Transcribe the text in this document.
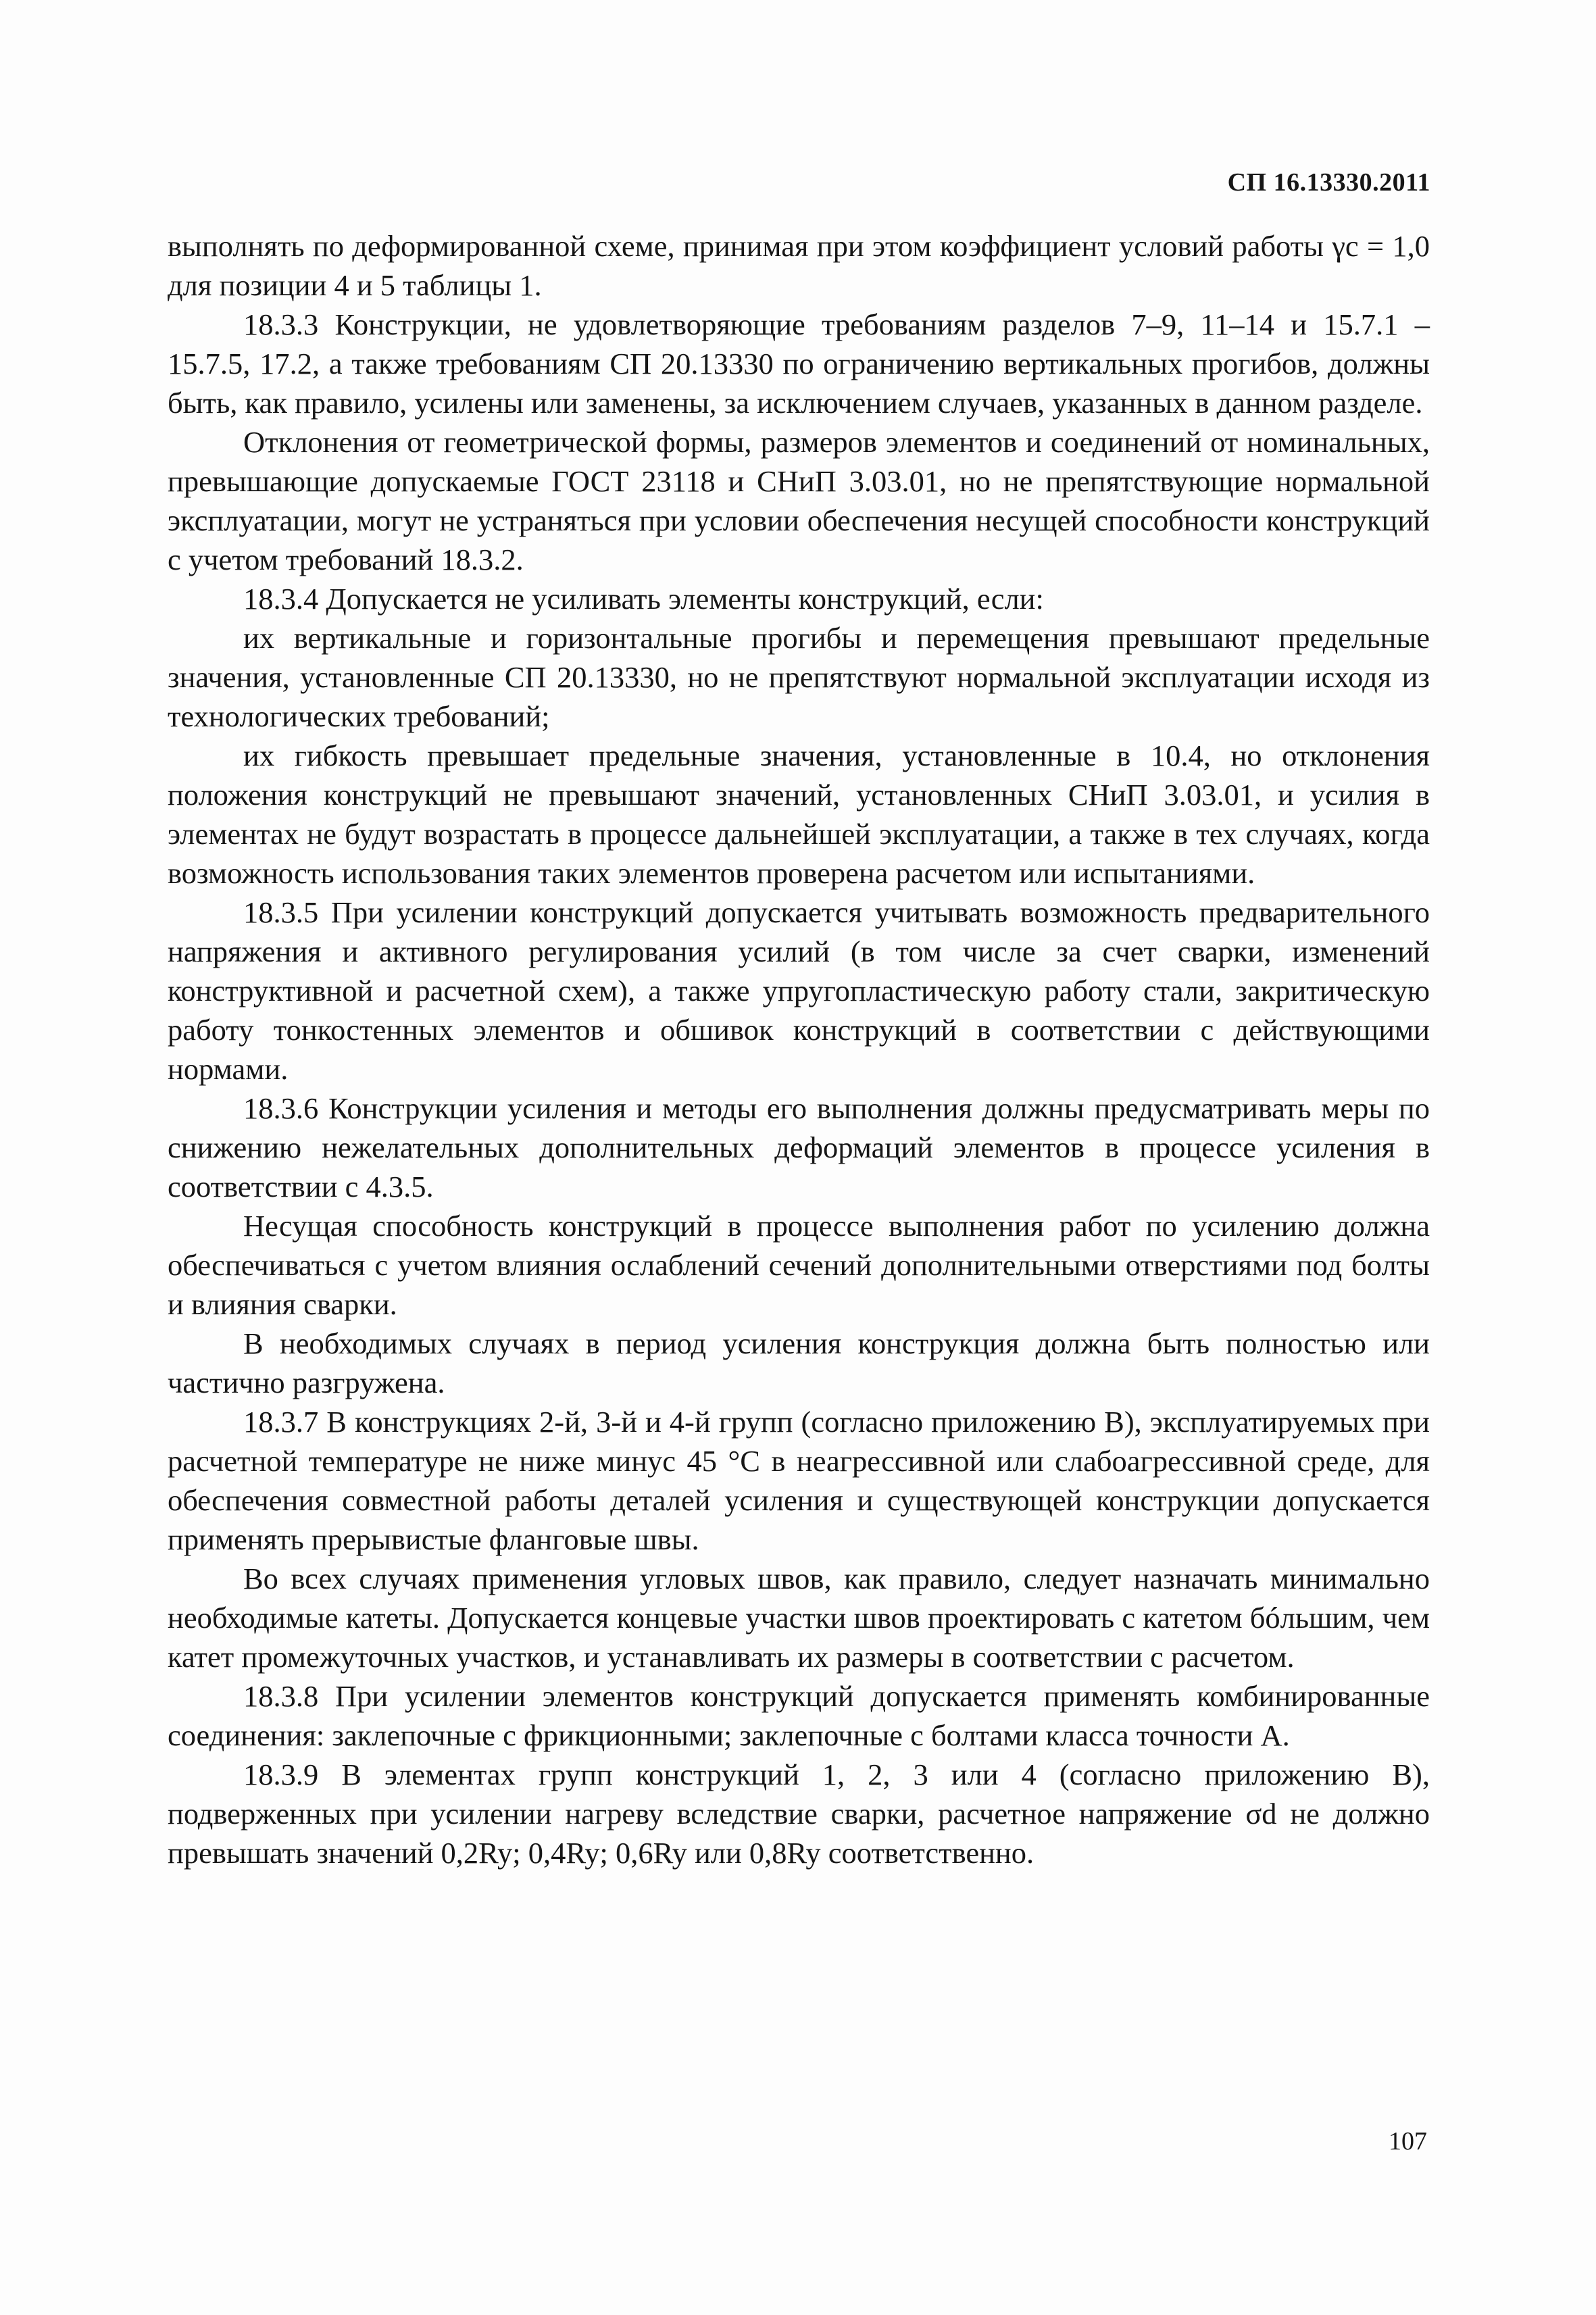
СП 16.13330.2011

выполнять по деформированной схеме, принимая при этом коэффициент условий работы γc = 1,0 для позиции 4 и 5 таблицы 1.

18.3.3 Конструкции, не удовлетворяющие требованиям разделов 7–9, 11–14 и 15.7.1 – 15.7.5, 17.2, а также требованиям СП 20.13330 по ограничению вертикальных прогибов, должны быть, как правило, усилены или заменены, за исключением случаев, указанных в данном разделе.

Отклонения от геометрической формы, размеров элементов и соединений от номинальных, превышающие допускаемые ГОСТ 23118 и СНиП 3.03.01, но не препятствующие нормальной эксплуатации, могут не устраняться при условии обеспечения несущей способности конструкций с учетом требований 18.3.2.

18.3.4 Допускается не усиливать элементы конструкций, если:

их вертикальные и горизонтальные прогибы и перемещения превышают предельные значения, установленные СП 20.13330, но не препятствуют нормальной эксплуатации исходя из технологических требований;

их гибкость превышает предельные значения, установленные в 10.4, но отклонения положения конструкций не превышают значений, установленных СНиП 3.03.01, и усилия в элементах не будут возрастать в процессе дальнейшей эксплуатации, а также в тех случаях, когда возможность использования таких элементов проверена расчетом или испытаниями.

18.3.5 При усилении конструкций допускается учитывать возможность предварительного напряжения и активного регулирования усилий (в том числе за счет сварки, изменений конструктивной и расчетной схем), а также упругопластическую работу стали, закритическую работу тонкостенных элементов и обшивок конструкций в соответствии с действующими нормами.

18.3.6 Конструкции усиления и методы его выполнения должны предусматривать меры по снижению нежелательных дополнительных деформаций элементов в процессе усиления в соответствии с 4.3.5.

Несущая способность конструкций в процессе выполнения работ по усилению должна обеспечиваться с учетом влияния ослаблений сечений дополнительными отверстиями под болты и влияния сварки.

В необходимых случаях в период усиления конструкция должна быть полностью или частично разгружена.

18.3.7 В конструкциях 2-й, 3-й и 4-й групп (согласно приложению В), эксплуатируемых при расчетной температуре не ниже минус 45 °С в неагрессивной или слабоагрессивной среде, для обеспечения совместной работы деталей усиления и существующей конструкции допускается применять прерывистые фланговые швы.

Во всех случаях применения угловых швов, как правило, следует назначать минимально необходимые катеты. Допускается концевые участки швов проектировать с катетом бóльшим, чем катет промежуточных участков, и устанавливать их размеры в соответствии с расчетом.

18.3.8 При усилении элементов конструкций допускается применять комбинированные соединения: заклепочные с фрикционными; заклепочные с болтами класса точности А.

18.3.9 В элементах групп конструкций 1, 2, 3 или 4 (согласно приложению В), подверженных при усилении нагреву вследствие сварки, расчетное напряжение σd не должно превышать значений 0,2Ry; 0,4Ry; 0,6Ry или 0,8Ry соответственно.

107
